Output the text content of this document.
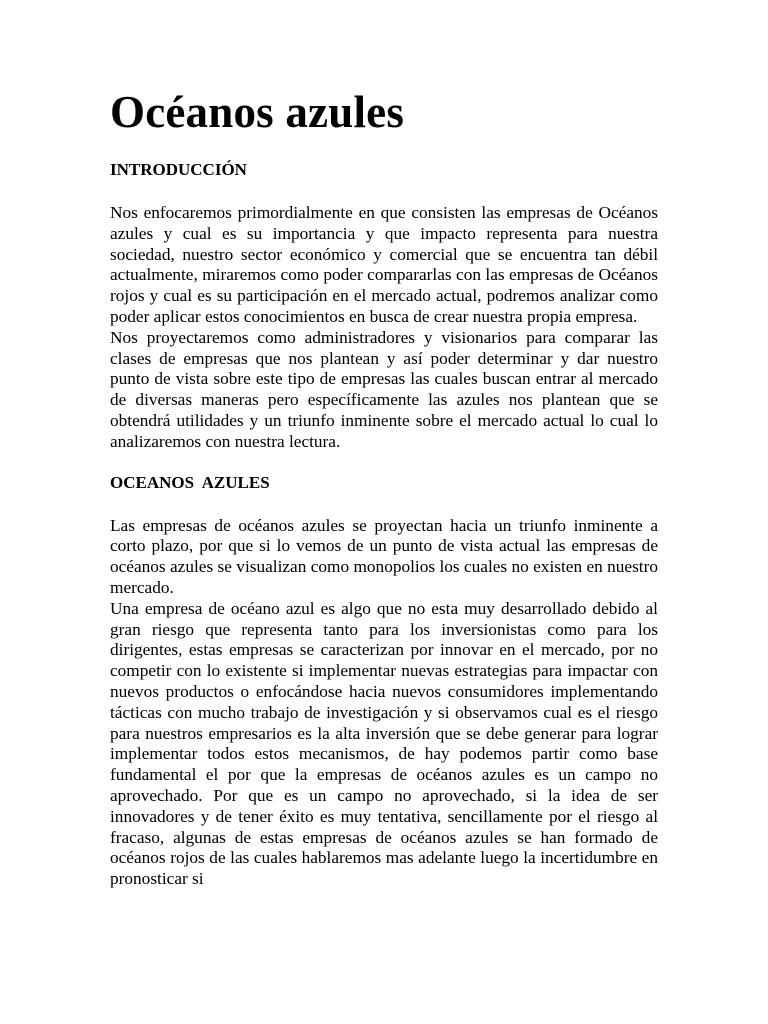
Océanos azules
INTRODUCCIÓN

Nos enfocaremos primordialmente en que consisten las empresas de Océanos azules y cual es su importancia y que impacto representa para nuestra sociedad, nuestro sector económico y comercial que se encuentra tan débil actualmente, miraremos como poder compararlas con las empresas de Océanos rojos y cual es su participación en el mercado actual, podremos analizar como poder aplicar estos conocimientos en busca de crear nuestra propia empresa.

Nos proyectaremos como administradores y visionarios para comparar las clases de empresas que nos plantean y así poder determinar y dar nuestro punto de vista sobre este tipo de empresas las cuales buscan entrar al mercado de diversas maneras pero específicamente las azules nos plantean que se obtendrá utilidades y un triunfo inminente sobre el mercado actual lo cual lo analizaremos con nuestra lectura.

OCEANOS  AZULES

Las empresas de océanos azules se proyectan hacia un triunfo inminente a corto plazo, por que si lo vemos de un punto de vista actual las empresas de océanos azules se visualizan como monopolios los cuales no existen en nuestro mercado.

Una empresa de océano azul es algo que no esta muy desarrollado debido al gran riesgo que representa tanto para los inversionistas como para los dirigentes, estas empresas se caracterizan por innovar en el mercado, por no competir con lo existente si implementar nuevas estrategias para impactar con nuevos productos o enfocándose hacia nuevos consumidores implementando tácticas con mucho trabajo de investigación y si observamos cual es el riesgo para nuestros empresarios es la alta inversión que se debe generar para lograr implementar todos estos mecanismos, de hay podemos partir como base fundamental el por que la empresas de océanos azules es un campo no aprovechado. Por que es un campo no aprovechado, si la idea de ser innovadores y de tener éxito es muy tentativa, sencillamente por el riesgo al fracaso, algunas de estas empresas de océanos azules se han formado de océanos rojos de las cuales hablaremos mas adelante luego la incertidumbre en pronosticar si
